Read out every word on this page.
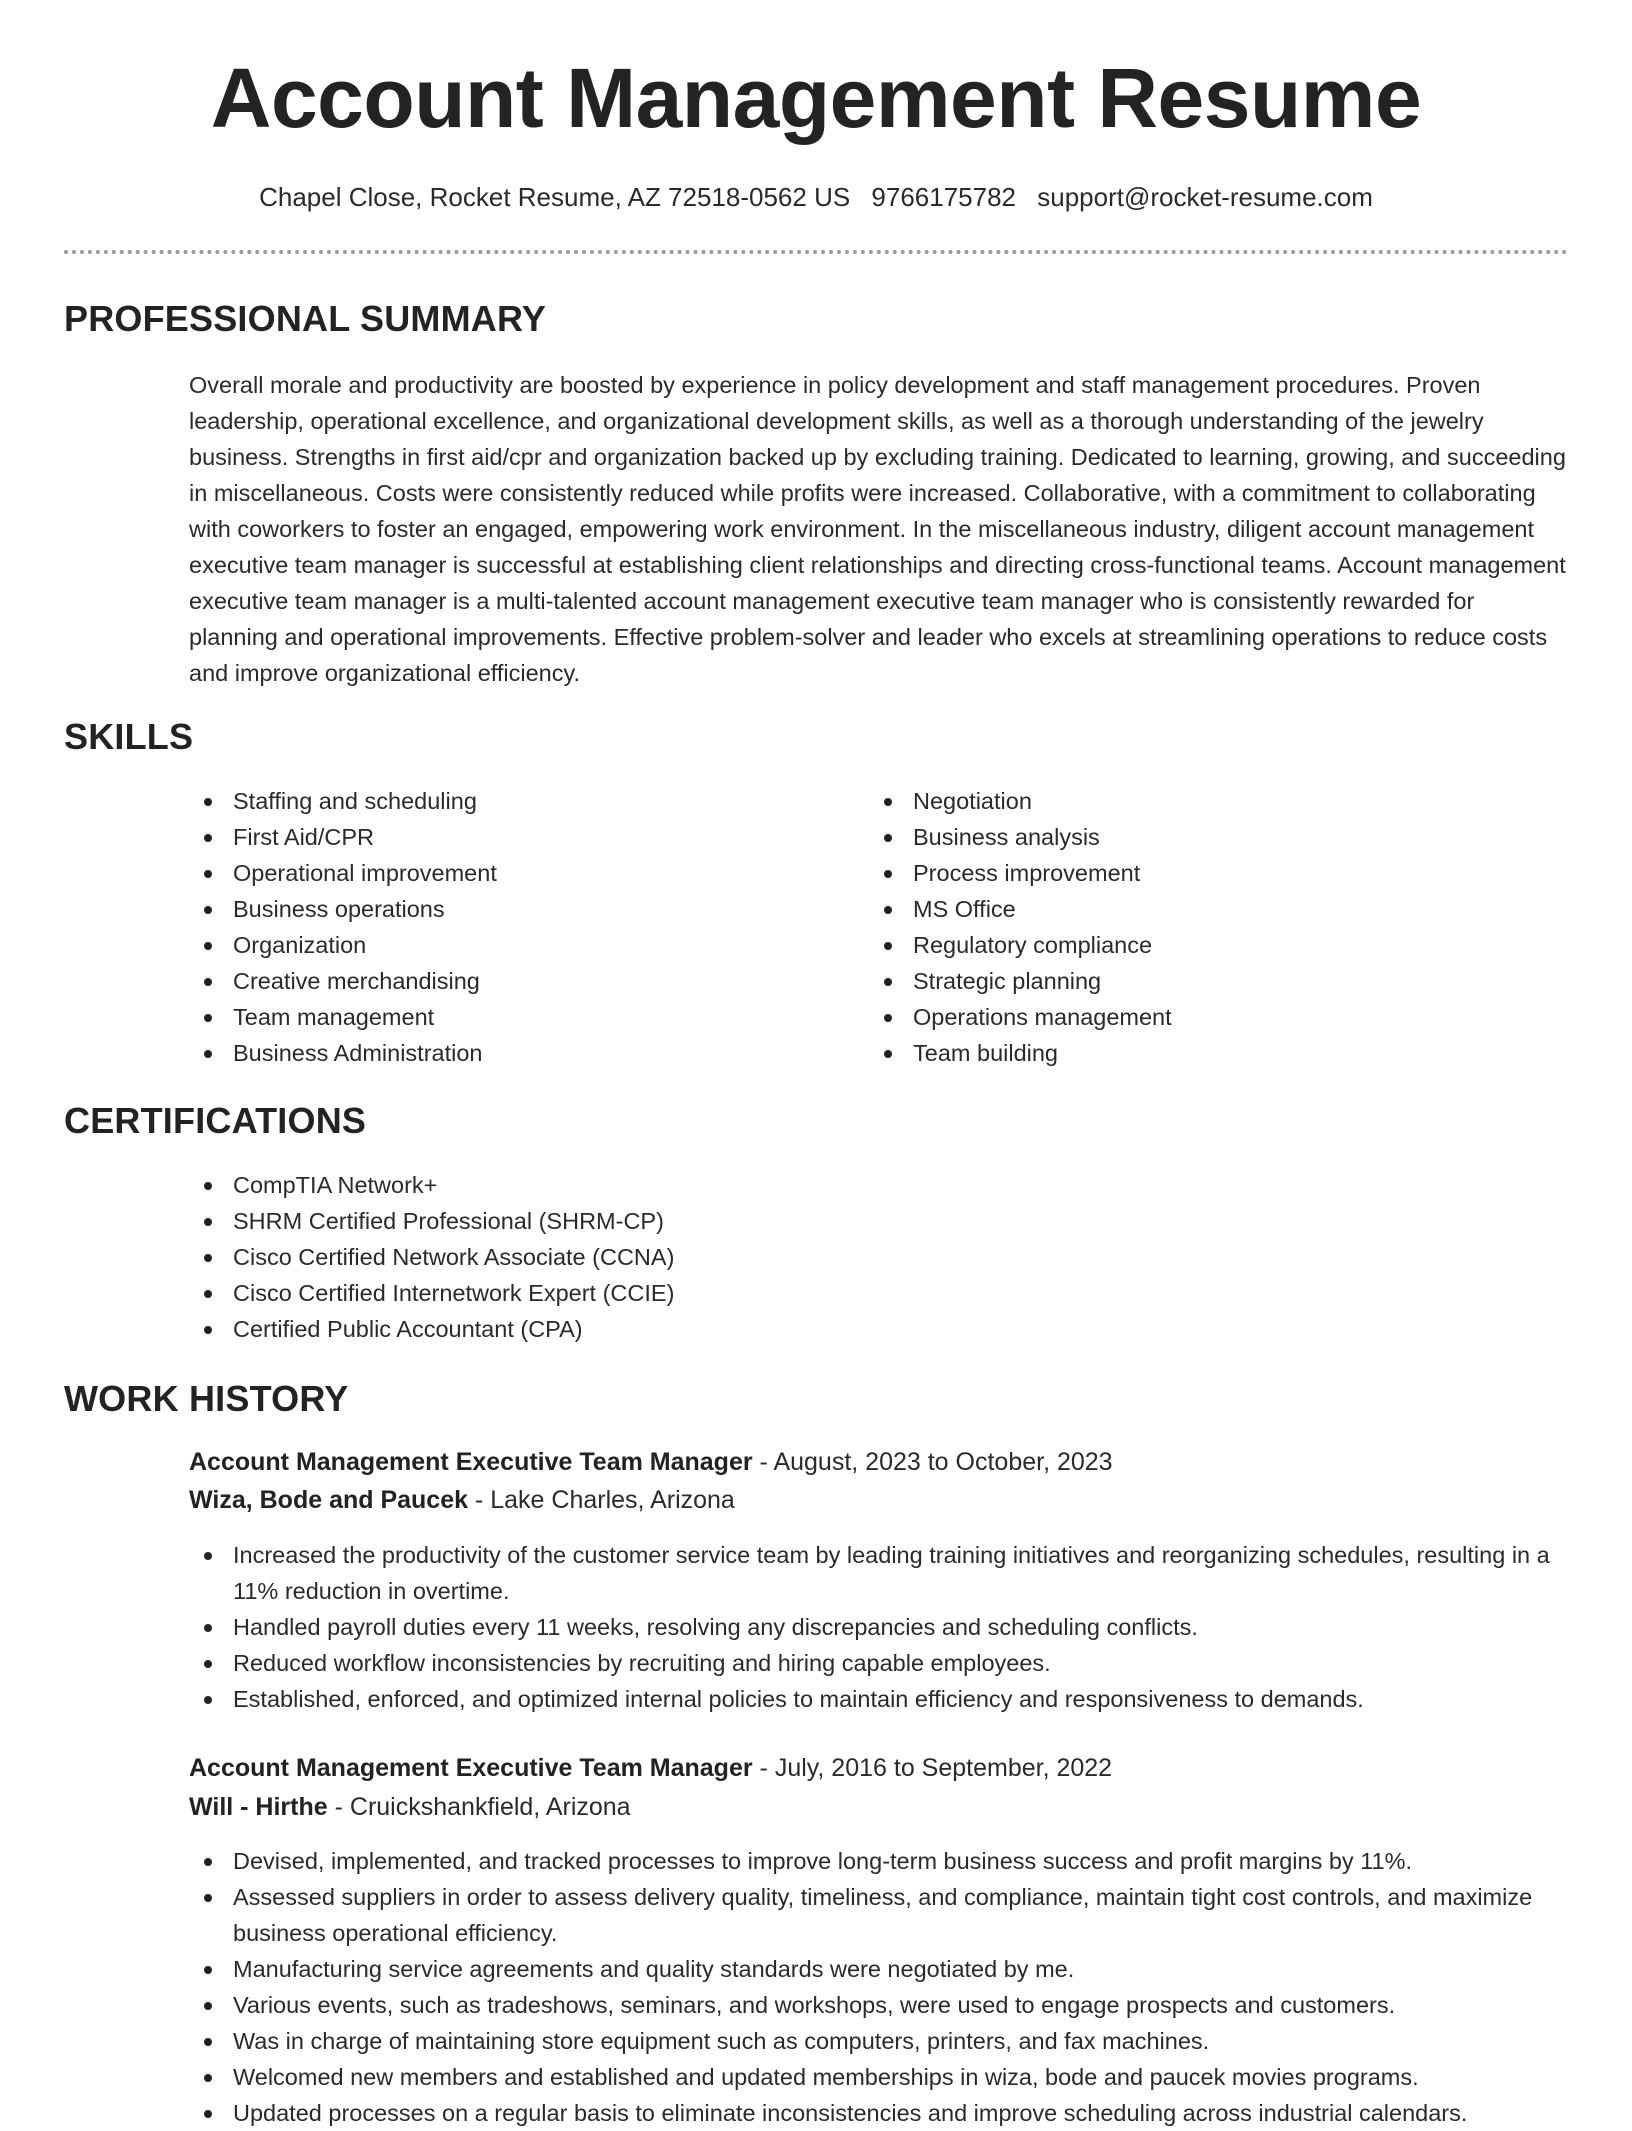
Account Management Resume
Chapel Close, Rocket Resume, AZ 72518-0562 US 9766175782 support@rocket-resume.com
PROFESSIONAL SUMMARY

Overall morale and productivity are boosted by experience in policy development and staff management procedures. Proven leadership, operational excellence, and organizational development skills, as well as a thorough understanding of the jewelry business. Strengths in first aid/cpr and organization backed up by excluding training. Dedicated to learning, growing, and succeeding in miscellaneous. Costs were consistently reduced while profits were increased. Collaborative, with a commitment to collaborating with coworkers to foster an engaged, empowering work environment. In the miscellaneous industry, diligent account management executive team manager is successful at establishing client relationships and directing cross-functional teams. Account management executive team manager is a multi-talented account management executive team manager who is consistently rewarded for planning and operational improvements. Effective problem-solver and leader who excels at streamlining operations to reduce costs and improve organizational efficiency.

SKILLS
Staffing and scheduling
First Aid/CPR
Operational improvement
Business operations
Organization
Creative merchandising
Team management
Business Administration
Negotiation
Business analysis
Process improvement
MS Office
Regulatory compliance
Strategic planning
Operations management
Team building
CERTIFICATIONS
CompTIA Network+
SHRM Certified Professional (SHRM-CP)
Cisco Certified Network Associate (CCNA)
Cisco Certified Internetwork Expert (CCIE)
Certified Public Accountant (CPA)
WORK HISTORY
Account Management Executive Team Manager - August, 2023 to October, 2023
Wiza, Bode and Paucek - Lake Charles, Arizona
Increased the productivity of the customer service team by leading training initiatives and reorganizing schedules, resulting in a 11% reduction in overtime.
Handled payroll duties every 11 weeks, resolving any discrepancies and scheduling conflicts.
Reduced workflow inconsistencies by recruiting and hiring capable employees.
Established, enforced, and optimized internal policies to maintain efficiency and responsiveness to demands.
Account Management Executive Team Manager - July, 2016 to September, 2022
Will - Hirthe - Cruickshankfield, Arizona
Devised, implemented, and tracked processes to improve long-term business success and profit margins by 11%.
Assessed suppliers in order to assess delivery quality, timeliness, and compliance, maintain tight cost controls, and maximize business operational efficiency.
Manufacturing service agreements and quality standards were negotiated by me.
Various events, such as tradeshows, seminars, and workshops, were used to engage prospects and customers.
Was in charge of maintaining store equipment such as computers, printers, and fax machines.
Welcomed new members and established and updated memberships in wiza, bode and paucek movies programs.
Updated processes on a regular basis to eliminate inconsistencies and improve scheduling across industrial calendars.
